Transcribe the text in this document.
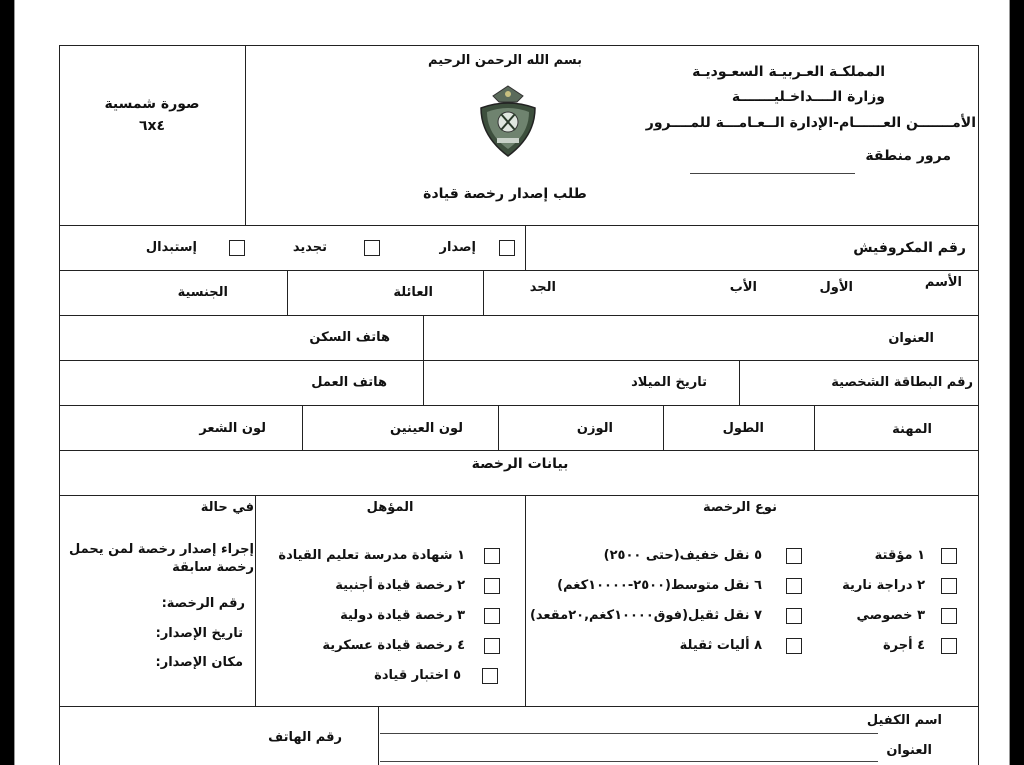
صورة شمسية
٦x٤
بسم الله الرحمن الرحيم
طلب إصدار رخصة قيادة
المملكـة العـربيـة السعـوديـة
وزارة الــــداخـليـــــــة
الأمـــــــن العــــــام-الإدارة الــعـامـــة للمــــرور
مرور منطقة
رقم المكروفيش
إصدار
تجديد
إستبدال
الأسم
الأول
الأب
الجد
العائلة
الجنسية
العنوان
هاتف السكن
رقم البطاقة الشخصية
تاريخ الميلاد
هاتف العمل
المهنة
الطول
الوزن
لون العينين
لون الشعر
بيانات الرخصة
نوع الرخصة
المؤهل
في حالة
١ مؤقتة
٢ دراجة نارية
٣ خصوصي
٤ أجرة
٥ نقل خفيف(حتى ٢٥٠٠)
٦ نقل متوسط(٢٥٠٠-١٠٠٠٠كغم)
٧ نقل ثقيل(فوق١٠٠٠٠كغم,٢٠مقعد)
٨ أليات ثقيلة
١ شهادة مدرسة تعليم القيادة
٢ رخصة قيادة أجنبية
٣ رخصة قيادة دولية
٤ رخصة قيادة عسكرية
٥ اختبار قيادة
إجراء إصدار رخصة لمن يحمل
رخصة سابقة
رقم الرخصة:
تاريخ الإصدار:
مكان الإصدار:
اسم الكفيل
العنوان
رقم الهاتف
